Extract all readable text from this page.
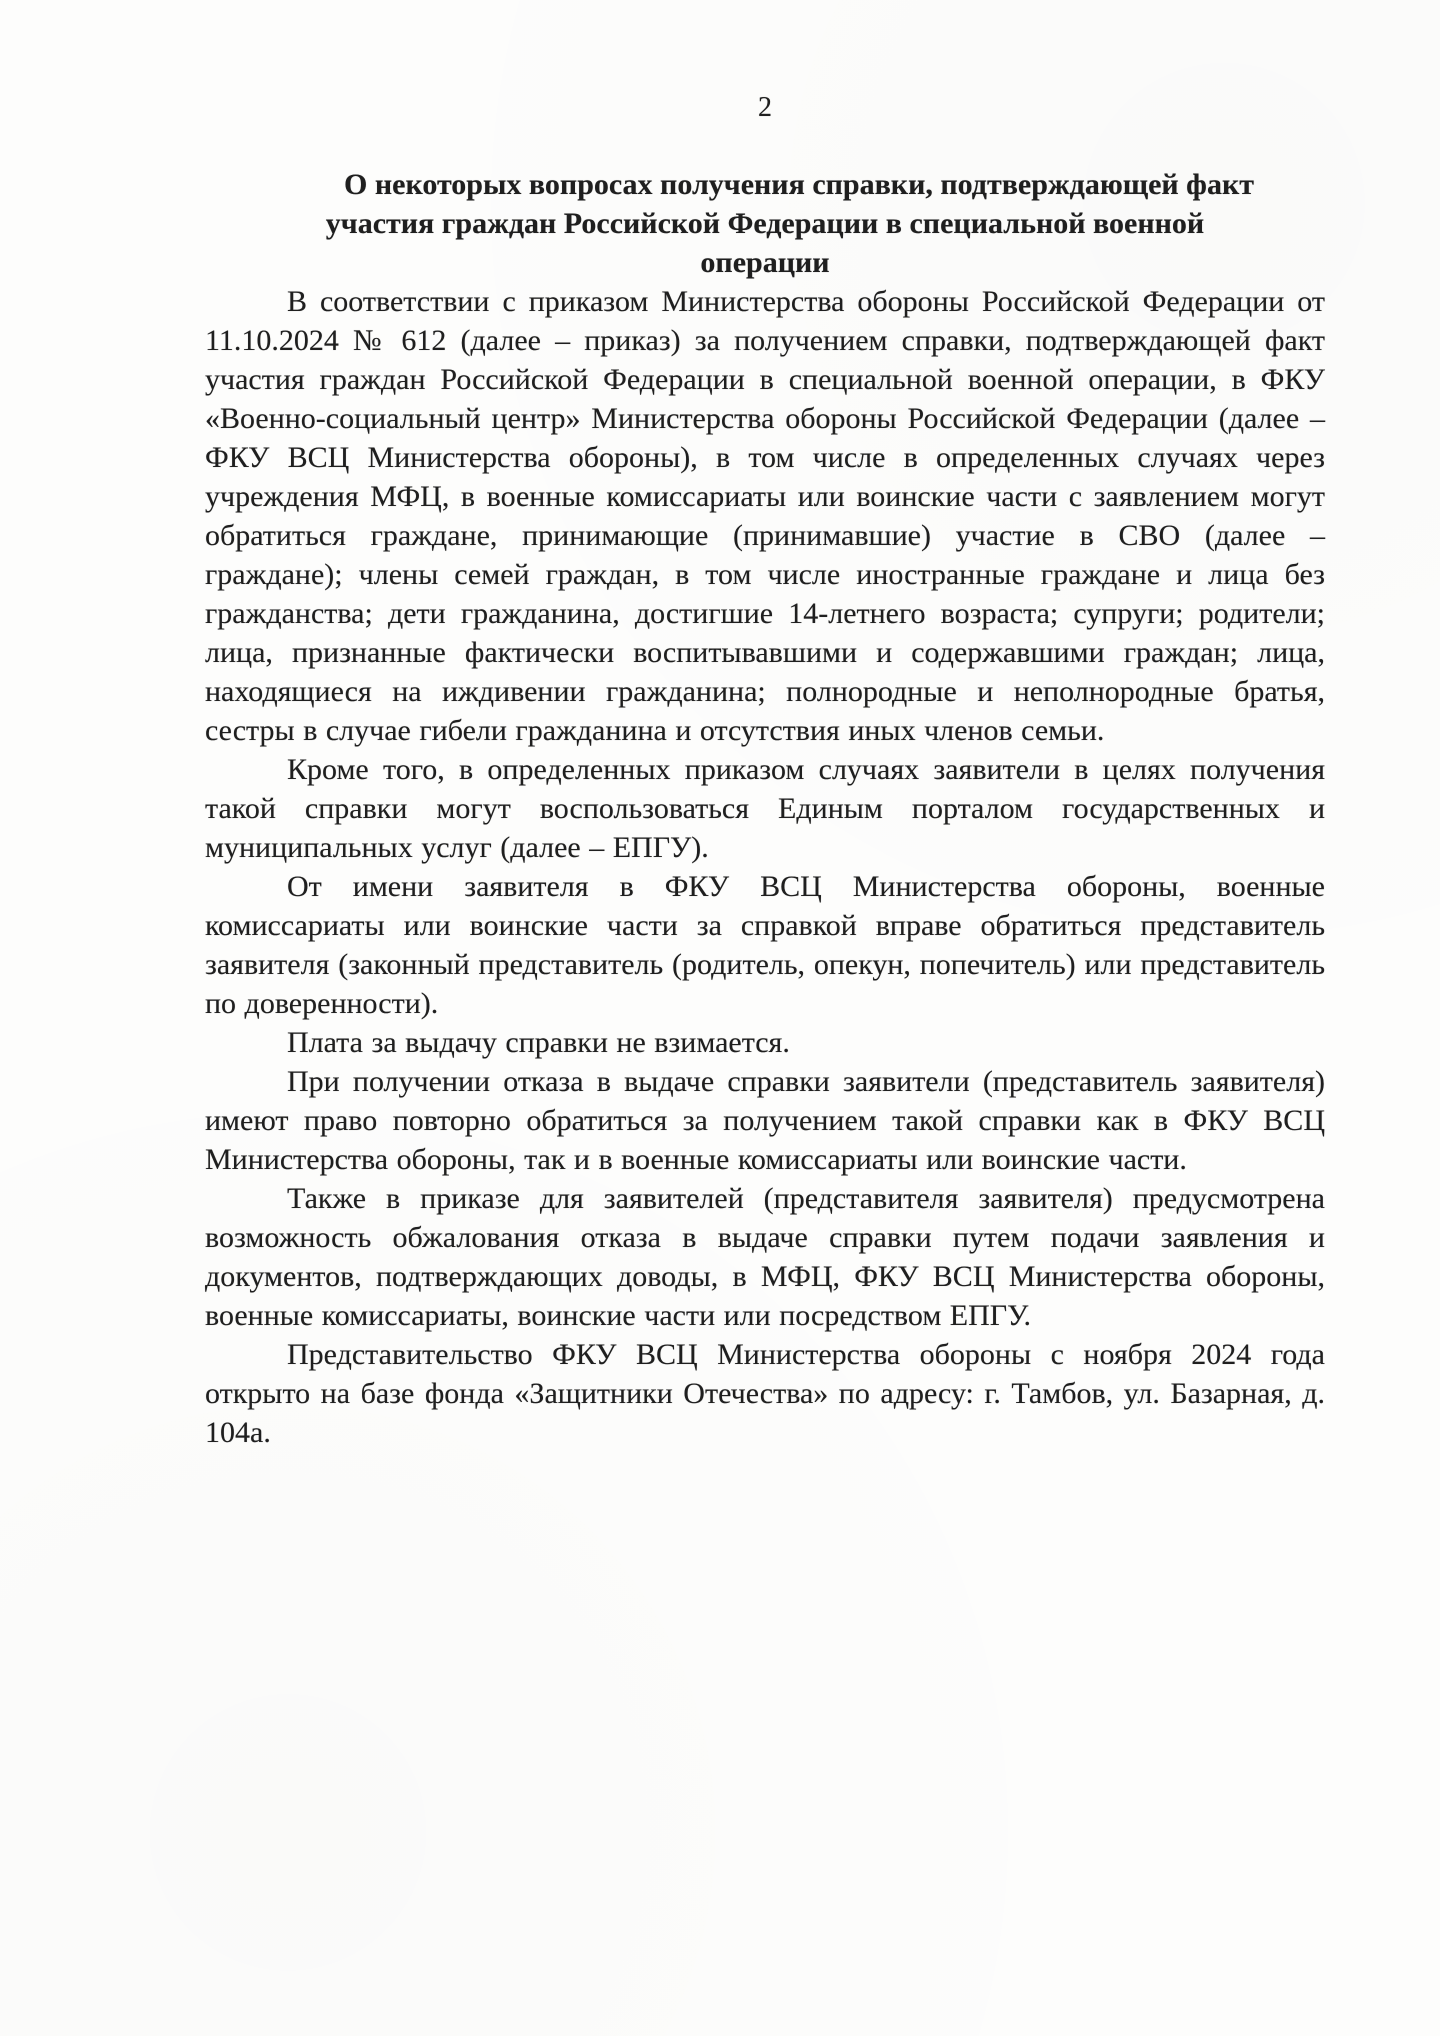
2
О некоторых вопросах получения справки, подтверждающей факт
участия граждан Российской Федерации в специальной военной
операции

В соответствии с приказом Министерства обороны Российской Федерации от 11.10.2024 № 612 (далее – приказ) за получением справки, подтверждающей факт участия граждан Российской Федерации в специальной военной операции, в ФКУ «Военно-социальный центр» Министерства обороны Российской Федерации (далее – ФКУ ВСЦ Министерства обороны), в том числе в определенных случаях через учреждения МФЦ, в военные комиссариаты или воинские части с заявлением могут обратиться граждане, принимающие (принимавшие) участие в СВО (далее – граждане); члены семей граждан, в том числе иностранные граждане и лица без гражданства; дети гражданина, достигшие 14-летнего возраста; супруги; родители; лица, признанные фактически воспитывавшими и содержавшими граждан; лица, находящиеся на иждивении гражданина; полнородные и неполнородные братья, сестры в случае гибели гражданина и отсутствия иных членов семьи.

Кроме того, в определенных приказом случаях заявители в целях получения такой справки могут воспользоваться Единым порталом государственных и муниципальных услуг (далее – ЕПГУ).

От имени заявителя в ФКУ ВСЦ Министерства обороны, военные комиссариаты или воинские части за справкой вправе обратиться представитель заявителя (законный представитель (родитель, опекун, попечитель) или представитель по доверенности).

Плата за выдачу справки не взимается.

При получении отказа в выдаче справки заявители (представитель заявителя) имеют право повторно обратиться за получением такой справки как в ФКУ ВСЦ Министерства обороны, так и в военные комиссариаты или воинские части.

Также в приказе для заявителей (представителя заявителя) предусмотрена возможность обжалования отказа в выдаче справки путем подачи заявления и документов, подтверждающих доводы, в МФЦ, ФКУ ВСЦ Министерства обороны, военные комиссариаты, воинские части или посредством ЕПГУ.

Представительство ФКУ ВСЦ Министерства обороны с ноября 2024 года открыто на базе фонда «Защитники Отечества» по адресу: г. Тамбов, ул. Базарная, д. 104а.
